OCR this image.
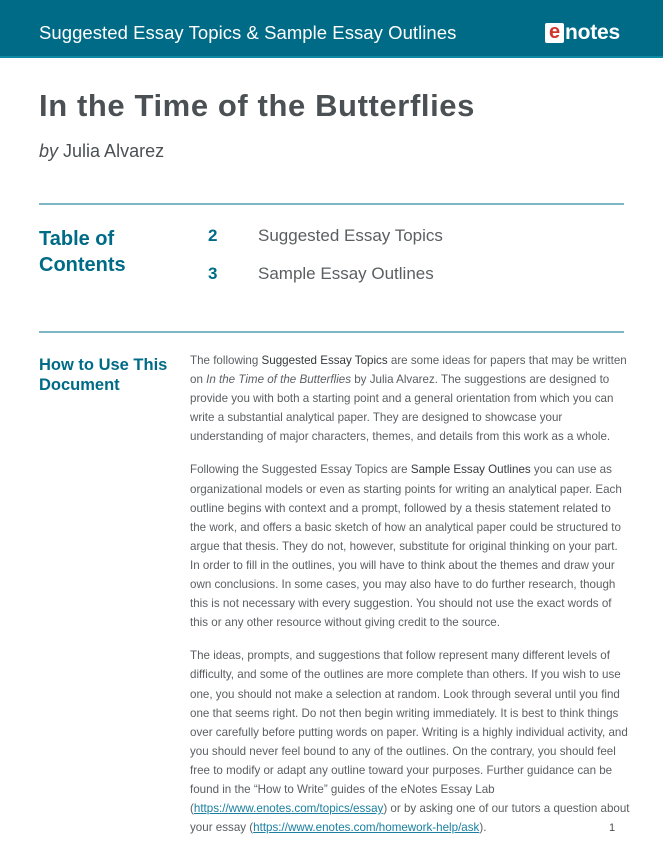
Suggested Essay Topics & Sample Essay Outlines	e notes
In the Time of the Butterflies
by Julia Alvarez
Table of Contents
2	Suggested Essay Topics
3	Sample Essay Outlines
How to Use This Document

The following Suggested Essay Topics are some ideas for papers that may be written on In the Time of the Butterflies by Julia Alvarez. The suggestions are designed to provide you with both a starting point and a general orientation from which you can write a substantial analytical paper. They are designed to showcase your understanding of major characters, themes, and details from this work as a whole.

Following the Suggested Essay Topics are Sample Essay Outlines you can use as organizational models or even as starting points for writing an analytical paper. Each outline begins with context and a prompt, followed by a thesis statement related to the work, and offers a basic sketch of how an analytical paper could be structured to argue that thesis. They do not, however, substitute for original thinking on your part. In order to fill in the outlines, you will have to think about the themes and draw your own conclusions. In some cases, you may also have to do further research, though this is not necessary with every suggestion. You should not use the exact words of this or any other resource without giving credit to the source.

The ideas, prompts, and suggestions that follow represent many different levels of difficulty, and some of the outlines are more complete than others. If you wish to use one, you should not make a selection at random. Look through several until you find one that seems right. Do not then begin writing immediately. It is best to think things over carefully before putting words on paper. Writing is a highly individual activity, and you should never feel bound to any of the outlines. On the contrary, you should feel free to modify or adapt any outline toward your purposes. Further guidance can be found in the “How to Write” guides of the eNotes Essay Lab (https://www.enotes.com/topics/essay) or by asking one of our tutors a question about your essay (https://www.enotes.com/homework-help/ask).	1
